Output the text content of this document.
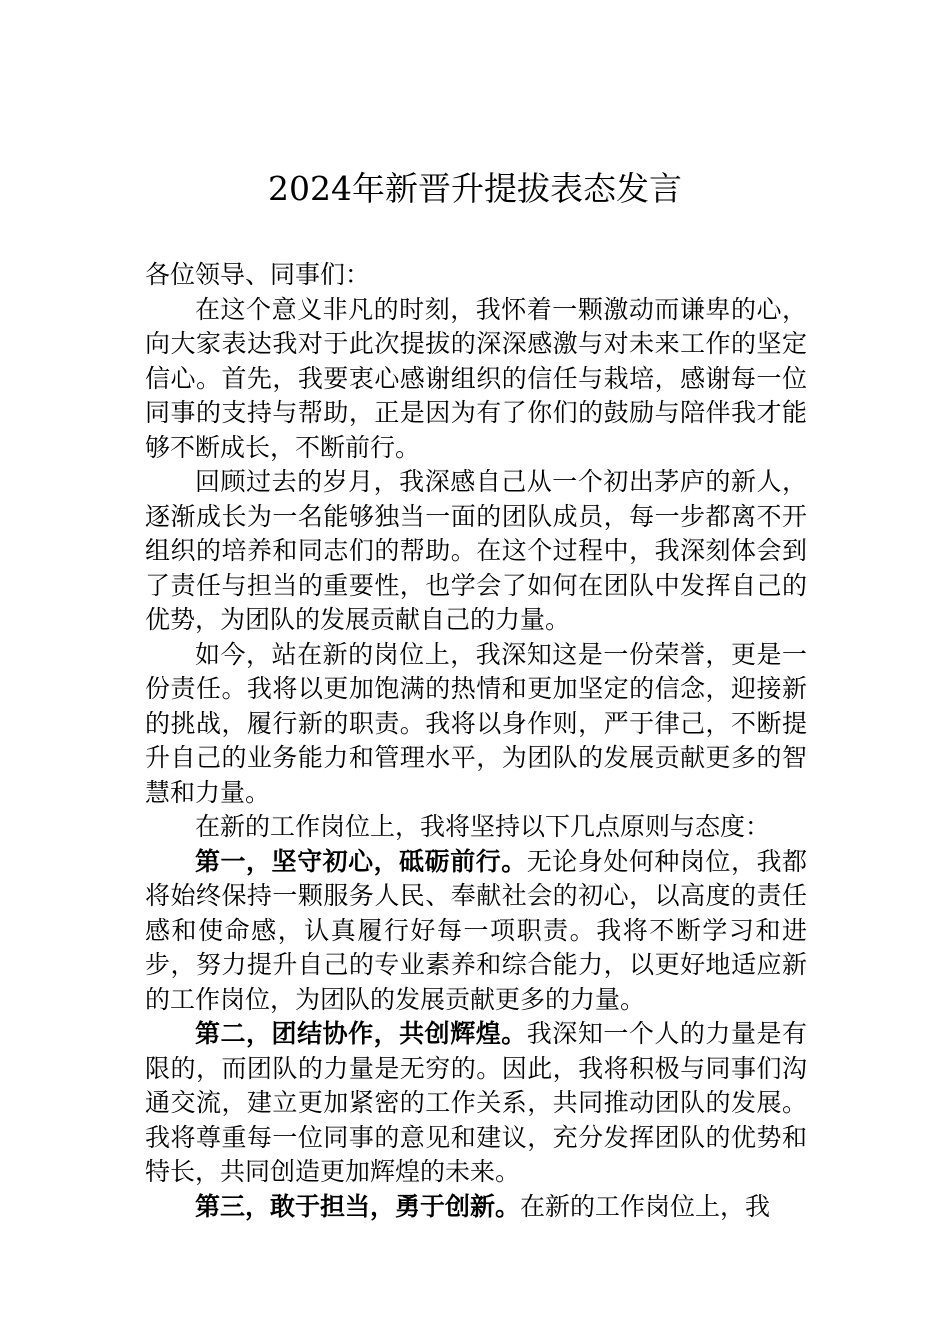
2024年新晋升提拔表态发言

各位领导、同事们：

在这个意义非凡的时刻，我怀着一颗激动而谦卑的心，向大家表达我对于此次提拔的深深感激与对未来工作的坚定信心。首先，我要衷心感谢组织的信任与栽培，感谢每一位同事的支持与帮助，正是因为有了你们的鼓励与陪伴我才能够不断成长，不断前行。

回顾过去的岁月，我深感自己从一个初出茅庐的新人，逐渐成长为一名能够独当一面的团队成员，每一步都离不开组织的培养和同志们的帮助。在这个过程中，我深刻体会到了责任与担当的重要性，也学会了如何在团队中发挥自己的优势，为团队的发展贡献自己的力量。

如今，站在新的岗位上，我深知这是一份荣誉，更是一份责任。我将以更加饱满的热情和更加坚定的信念，迎接新的挑战，履行新的职责。我将以身作则，严于律己，不断提升自己的业务能力和管理水平，为团队的发展贡献更多的智慧和力量。

在新的工作岗位上，我将坚持以下几点原则与态度：

第一，坚守初心，砥砺前行。无论身处何种岗位，我都将始终保持一颗服务人民、奉献社会的初心，以高度的责任感和使命感，认真履行好每一项职责。我将不断学习和进步，努力提升自己的专业素养和综合能力，以更好地适应新的工作岗位，为团队的发展贡献更多的力量。

第二，团结协作，共创辉煌。我深知一个人的力量是有限的，而团队的力量是无穷的。因此，我将积极与同事们沟通交流，建立更加紧密的工作关系，共同推动团队的发展。我将尊重每一位同事的意见和建议，充分发挥团队的优势和特长，共同创造更加辉煌的未来。

第三，敢于担当，勇于创新。在新的工作岗位上，我
